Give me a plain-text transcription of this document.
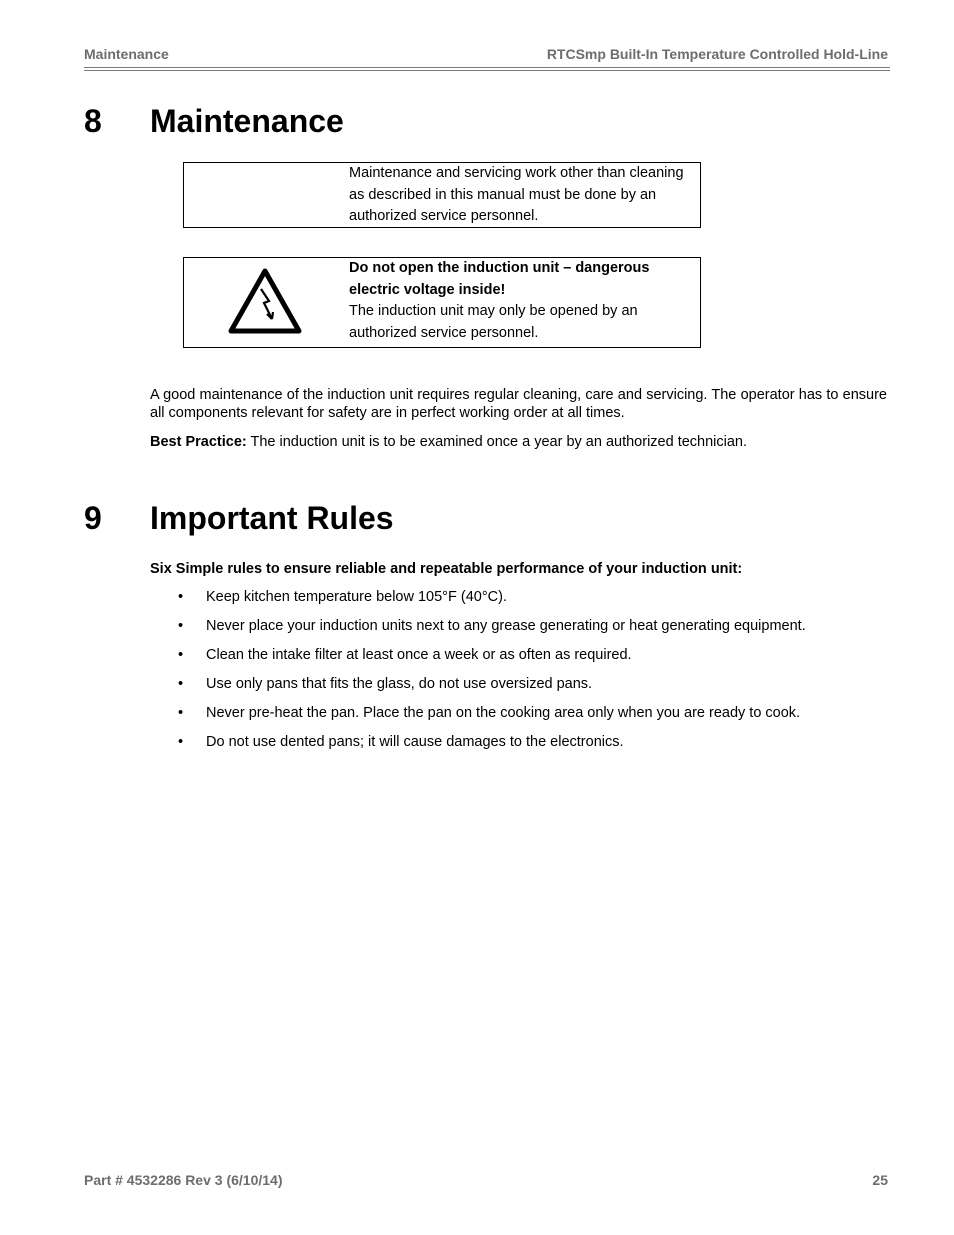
Maintenance	RTCSmp Built-In Temperature Controlled Hold-Line
8	Maintenance
Maintenance and servicing work other than cleaning as described in this manual must be done by an authorized service personnel.
Do not open the induction unit – dangerous electric voltage inside!
The induction unit may only be opened by an authorized service personnel.
A good maintenance of the induction unit requires regular cleaning, care and servicing. The operator has to ensure all components relevant for safety are in perfect working order at all times.
Best Practice: The induction unit is to be examined once a year by an authorized technician.
9	Important Rules
Six Simple rules to ensure reliable and repeatable performance of your induction unit:
• Keep kitchen temperature below 105°F (40°C).
• Never place your induction units next to any grease generating or heat generating equipment.
• Clean the intake filter at least once a week or as often as required.
• Use only pans that fits the glass, do not use oversized pans.
• Never pre-heat the pan. Place the pan on the cooking area only when you are ready to cook.
• Do not use dented pans; it will cause damages to the electronics.
Part # 4532286 Rev 3 (6/10/14)	25
